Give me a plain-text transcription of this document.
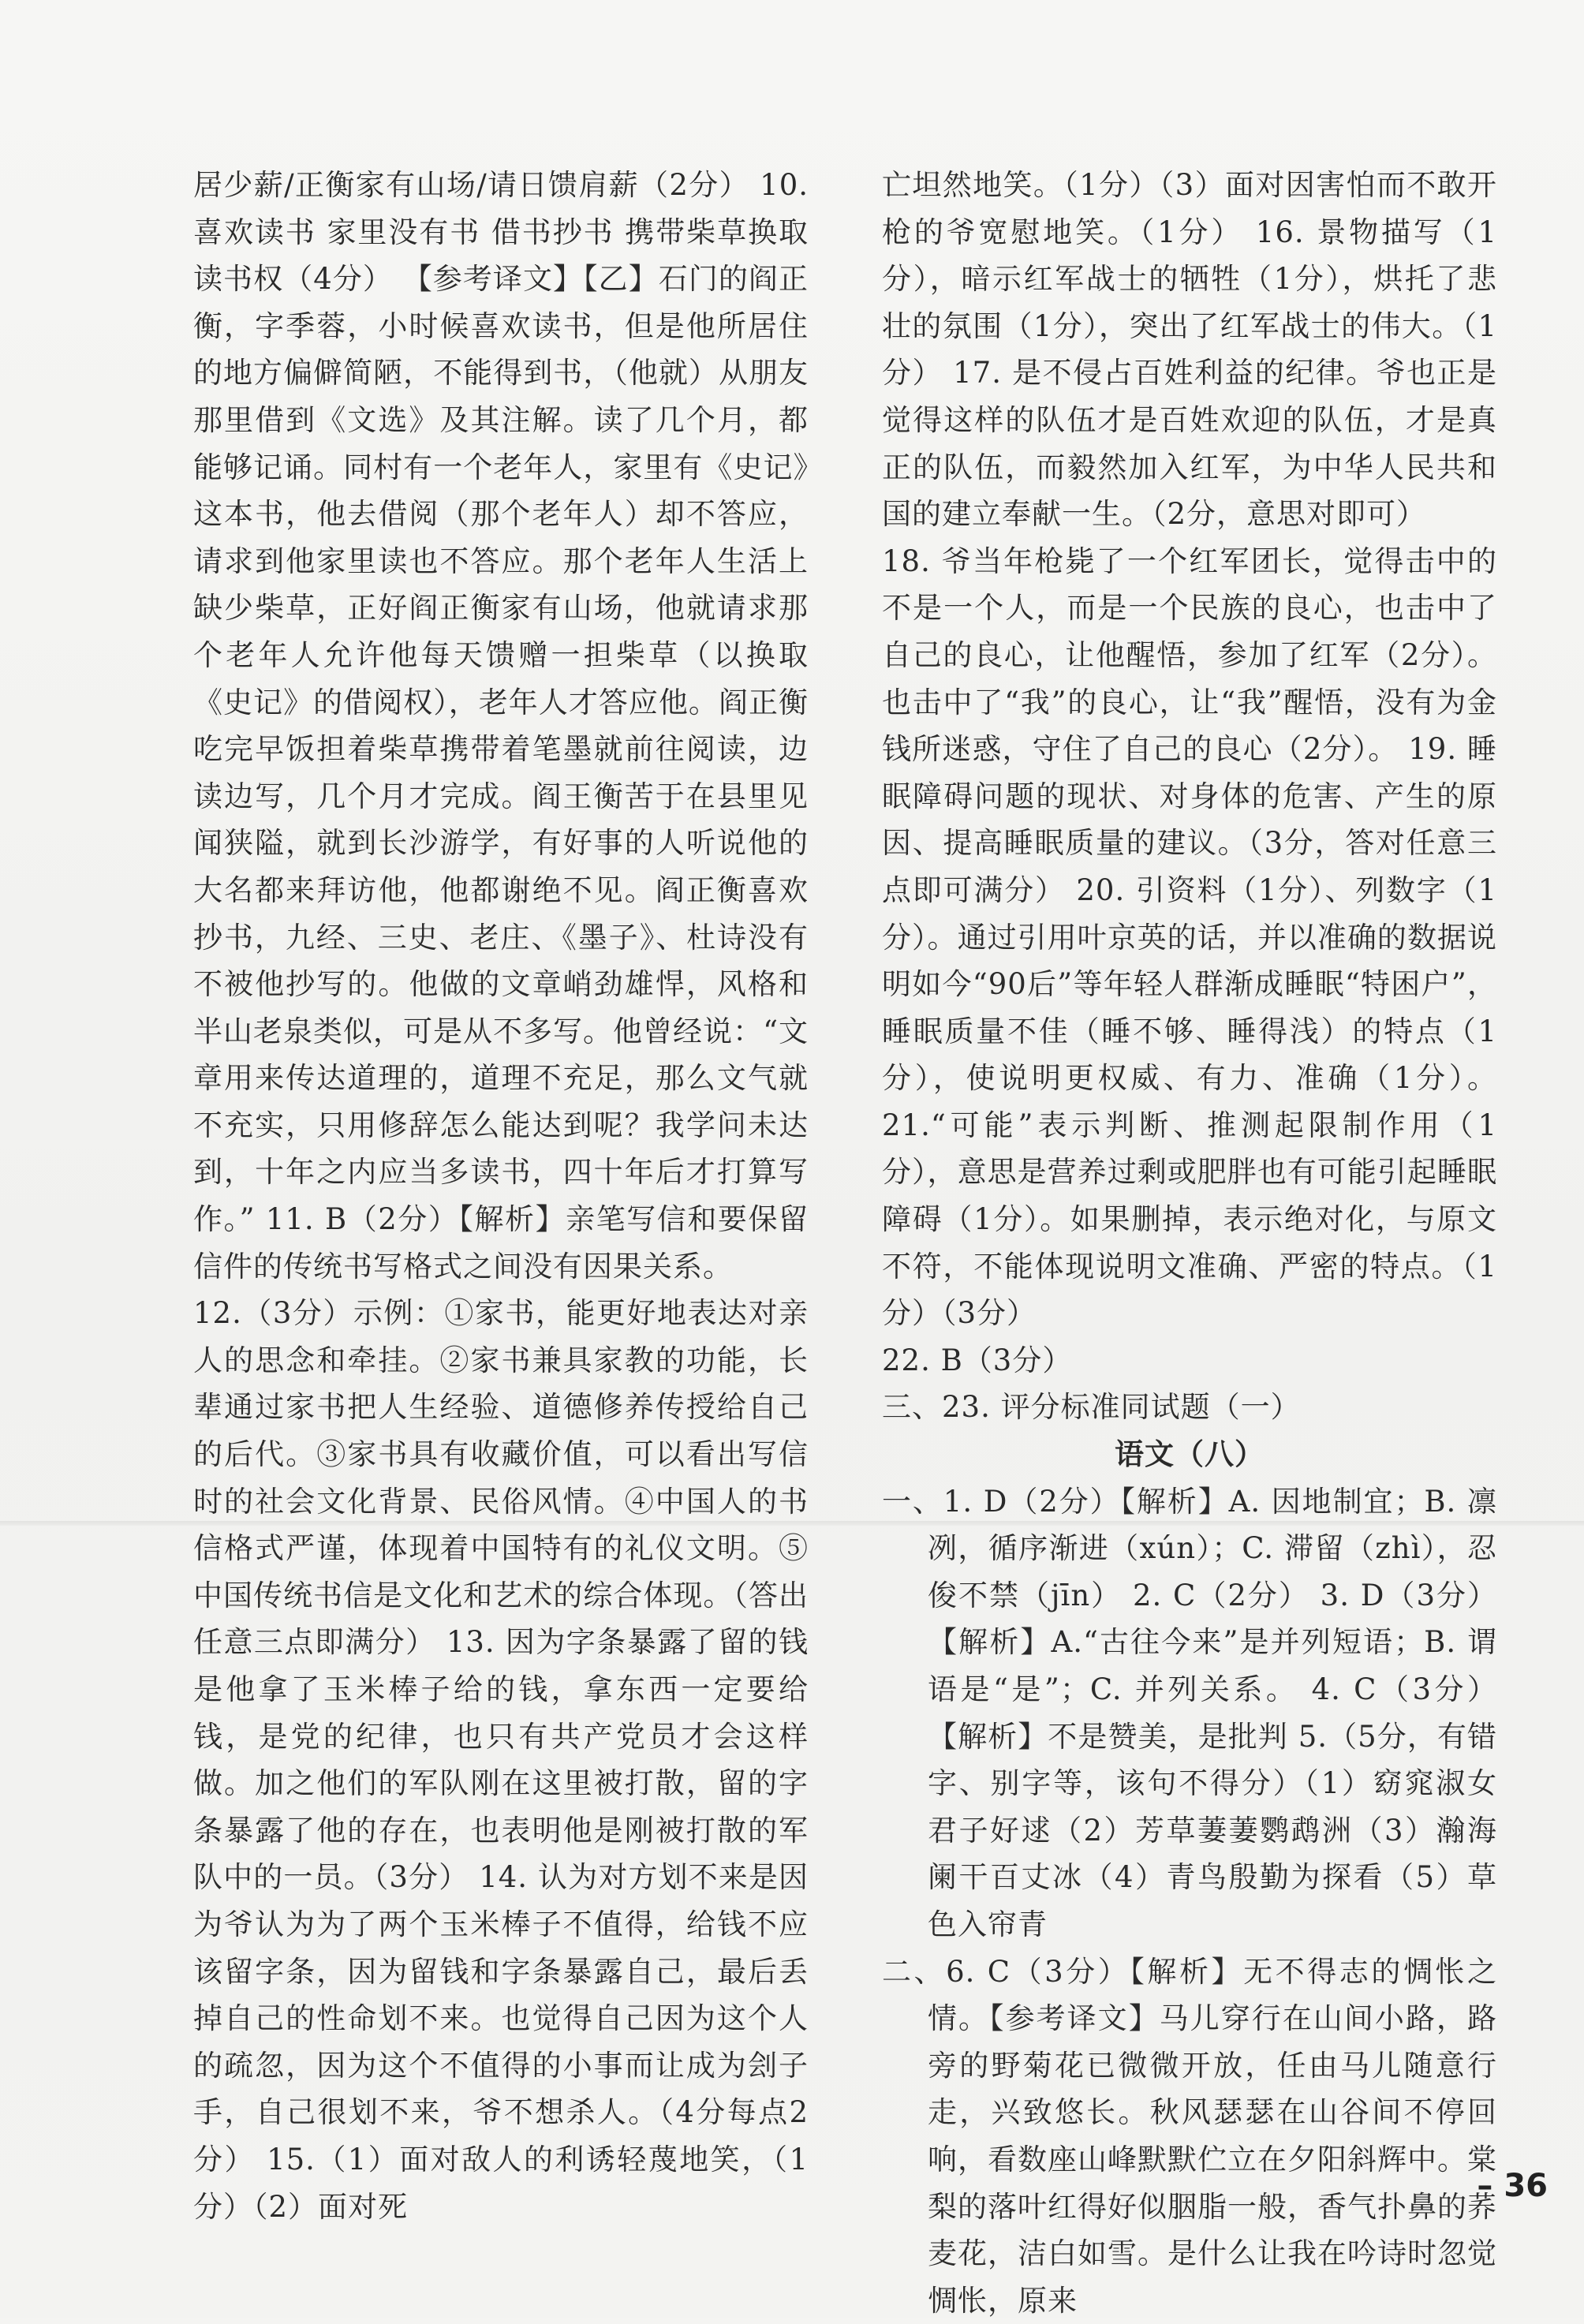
居少薪/正衡家有山场/请日馈肩薪（2分） 10. 喜欢读书 家里没有书 借书抄书 携带柴草换取读书权（4分） 【参考译文】【乙】石门的阎正衡，字季蓉，小时候喜欢读书，但是他所居住的地方偏僻简陋，不能得到书，（他就）从朋友那里借到《文选》及其注解。读了几个月，都能够记诵。同村有一个老年人，家里有《史记》这本书，他去借阅（那个老年人）却不答应，请求到他家里读也不答应。那个老年人生活上缺少柴草，正好阎正衡家有山场，他就请求那个老年人允许他每天馈赠一担柴草（以换取《史记》的借阅权），老年人才答应他。阎正衡吃完早饭担着柴草携带着笔墨就前往阅读，边读边写，几个月才完成。阎王衡苦于在县里见闻狭隘，就到长沙游学，有好事的人听说他的大名都来拜访他，他都谢绝不见。阎正衡喜欢抄书，九经、三史、老庄、《墨子》、杜诗没有不被他抄写的。他做的文章峭劲雄悍，风格和半山老泉类似，可是从不多写。他曾经说：“文章用来传达道理的，道理不充足，那么文气就不充实，只用修辞怎么能达到呢？我学问未达到，十年之内应当多读书，四十年后才打算写作。” 11. B（2分）【解析】亲笔写信和要保留信件的传统书写格式之间没有因果关系。

12.（3分）示例：①家书，能更好地表达对亲人的思念和牵挂。②家书兼具家教的功能，长辈通过家书把人生经验、道德修养传授给自己的后代。③家书具有收藏价值，可以看出写信时的社会文化背景、民俗风情。④中国人的书信格式严谨，体现着中国特有的礼仪文明。⑤中国传统书信是文化和艺术的综合体现。（答出任意三点即满分） 13. 因为字条暴露了留的钱是他拿了玉米棒子给的钱，拿东西一定要给钱，是党的纪律，也只有共产党员才会这样做。加之他们的军队刚在这里被打散，留的字条暴露了他的存在，也表明他是刚被打散的军队中的一员。（3分） 14. 认为对方划不来是因为爷认为为了两个玉米棒子不值得，给钱不应该留字条，因为留钱和字条暴露自己，最后丢掉自己的性命划不来。也觉得自己因为这个人的疏忽，因为这个不值得的小事而让成为刽子手，自己很划不来，爷不想杀人。（4分每点2分） 15.（1）面对敌人的利诱轻蔑地笑，（1分）（2）面对死

亡坦然地笑。（1分）（3）面对因害怕而不敢开枪的爷宽慰地笑。（1分） 16. 景物描写（1分），暗示红军战士的牺牲（1分），烘托了悲壮的氛围（1分），突出了红军战士的伟大。（1分） 17. 是不侵占百姓利益的纪律。爷也正是觉得这样的队伍才是百姓欢迎的队伍，才是真正的队伍，而毅然加入红军，为中华人民共和国的建立奉献一生。（2分，意思对即可）

18. 爷当年枪毙了一个红军团长，觉得击中的不是一个人，而是一个民族的良心，也击中了自己的良心，让他醒悟，参加了红军（2分）。也击中了“我”的良心，让“我”醒悟，没有为金钱所迷惑，守住了自己的良心（2分）。 19. 睡眠障碍问题的现状、对身体的危害、产生的原因、提高睡眠质量的建议。（3分，答对任意三点即可满分） 20. 引资料（1分）、列数字（1分）。通过引用叶京英的话，并以准确的数据说明如今“90后”等年轻人群渐成睡眠“特困户”，睡眠质量不佳（睡不够、睡得浅）的特点（1分），使说明更权威、有力、准确（1分）。 21.“可能”表示判断、推测起限制作用（1分），意思是营养过剩或肥胖也有可能引起睡眠障碍（1分）。如果删掉，表示绝对化，与原文不符，不能体现说明文准确、严密的特点。（1分）（3分）

22. B（3分）

三、23. 评分标准同试题（一）

语文（八）

一、1. D（2分）【解析】A. 因地制宜；B. 凛冽，循序渐进（xún）；C. 滞留（zhì），忍俊不禁（jīn） 2. C（2分） 3. D（3分）【解析】A.“古往今来”是并列短语；B. 谓语是“是”；C. 并列关系。 4. C（3分）【解析】不是赞美，是批判 5.（5分，有错字、别字等，该句不得分）（1）窈窕淑女 君子好逑（2）芳草萋萋鹦鹉洲（3）瀚海阑干百丈冰（4）青鸟殷勤为探看（5）草色入帘青

二、6. C（3分）【解析】无不得志的惆怅之情。【参考译文】马儿穿行在山间小路，路旁的野菊花已微微开放，任由马儿随意行走，兴致悠长。秋风瑟瑟在山谷间不停回响，看数座山峰默默伫立在夕阳斜辉中。棠梨的落叶红得好似胭脂一般，香气扑鼻的荞麦花，洁白如雪。是什么让我在吟诗时忽觉惆怅，原来

– 36
